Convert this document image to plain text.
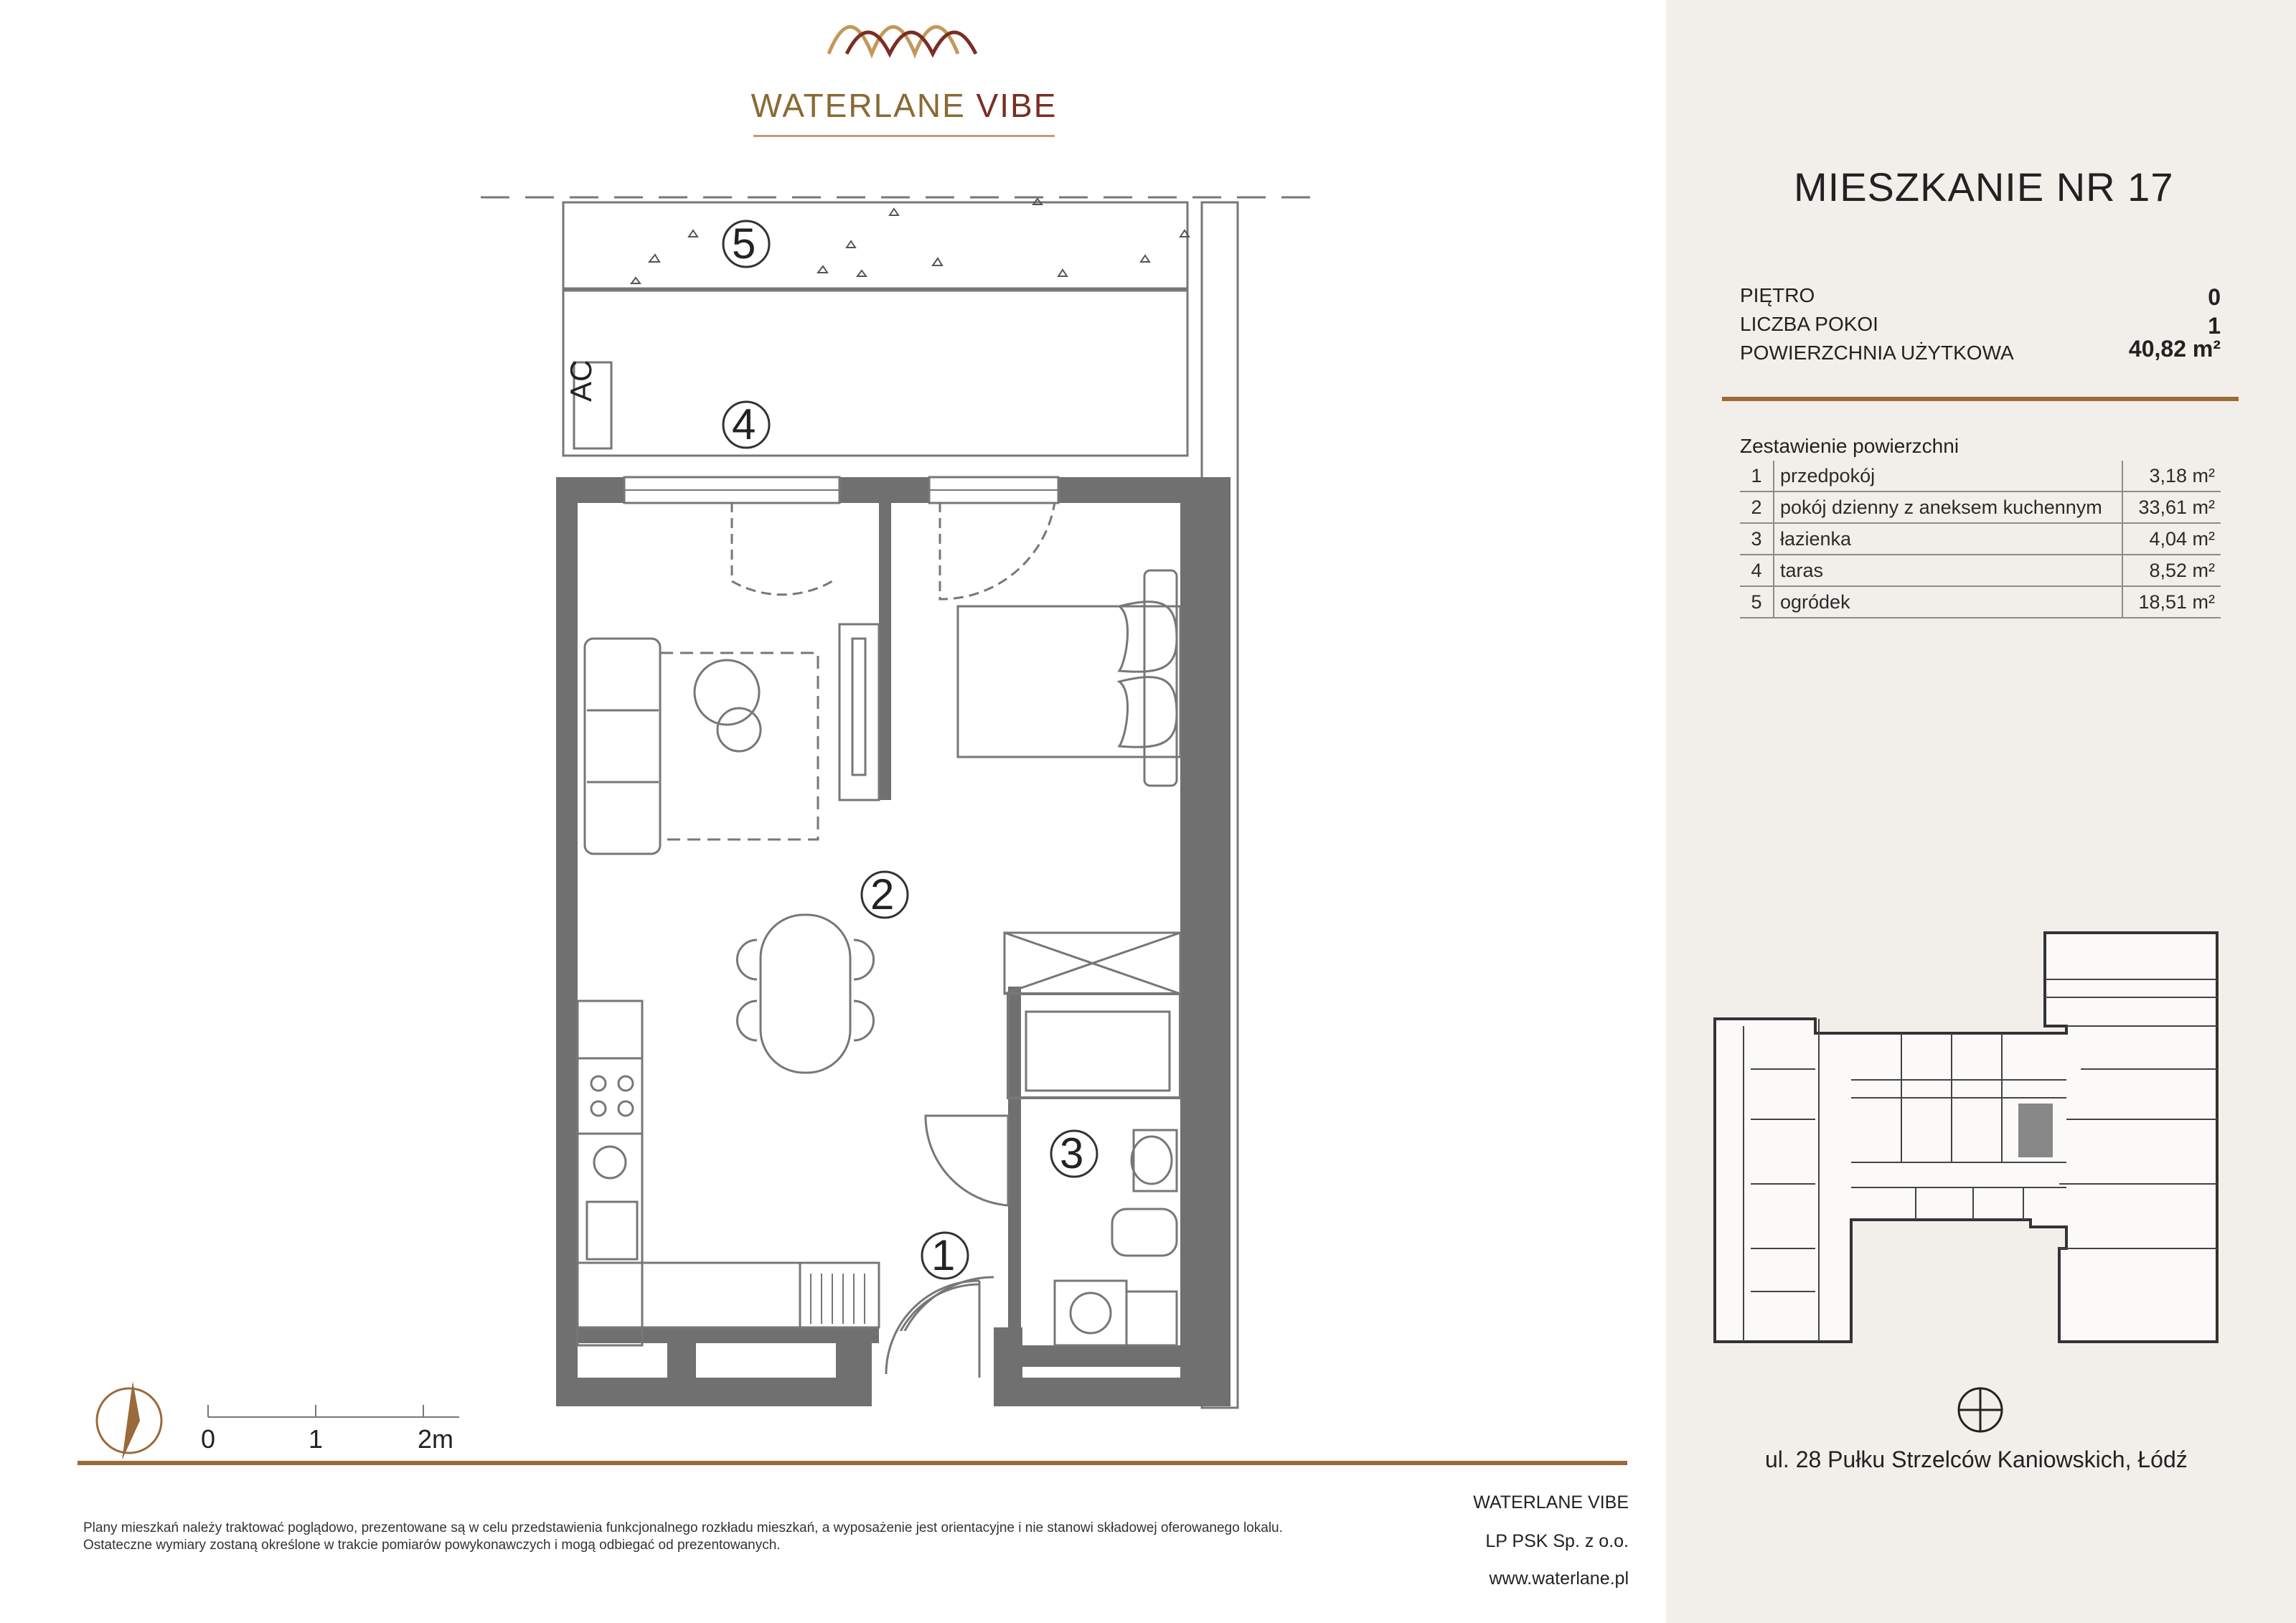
WATERLANE VIBE
5
4
2
3
1
AC
0	1	2m
MIESZKANIE NR 17
PIĘTRO	0
LICZBA POKOI	1
POWIERZCHNIA UŻYTKOWA	40,82 m²
Zestawienie powierzchni
1	przedpokój	3,18 m²
2	pokój dzienny z aneksem kuchennym	33,61 m²
3	łazienka	4,04 m²
4	taras	8,52 m²
5	ogródek	18,51 m²
ul. 28 Pułku Strzelców Kaniowskich, Łódź
Plany mieszkań należy traktować poglądowo, prezentowane są w celu przedstawienia funkcjonalnego rozkładu mieszkań, a wyposażenie jest orientacyjne i nie stanowi składowej oferowanego lokalu.
Ostateczne wymiary zostaną określone w trakcie pomiarów powykonawczych i mogą odbiegać od prezentowanych.
WATERLANE VIBE
LP PSK Sp. z o.o.
www.waterlane.pl
